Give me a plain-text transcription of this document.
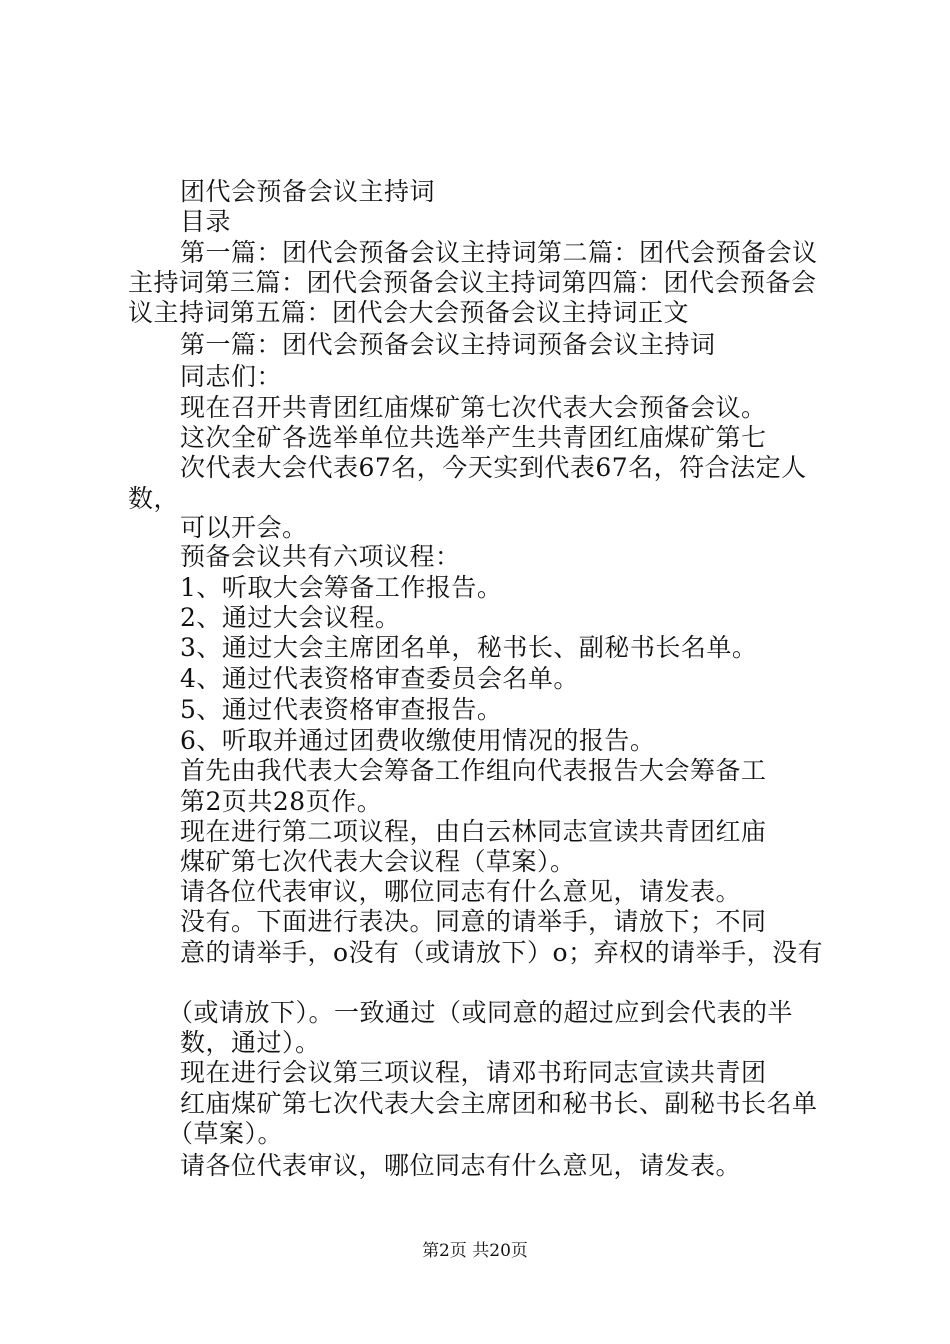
团代会预备会议主持词
目录
第一篇：团代会预备会议主持词第二篇：团代会预备会议
主持词第三篇：团代会预备会议主持词第四篇：团代会预备会
议主持词第五篇：团代会大会预备会议主持词正文
第一篇：团代会预备会议主持词预备会议主持词
同志们：
现在召开共青团红庙煤矿第七次代表大会预备会议。
这次全矿各选举单位共选举产生共青团红庙煤矿第七
次代表大会代表67名，今天实到代表67名，符合法定人
数，
可以开会。
预备会议共有六项议程：
1、听取大会筹备工作报告。
2、通过大会议程。
3、通过大会主席团名单，秘书长、副秘书长名单。
4、通过代表资格审查委员会名单。
5、通过代表资格审查报告。
6、听取并通过团费收缴使用情况的报告。
首先由我代表大会筹备工作组向代表报告大会筹备工
第2页共28页作。
现在进行第二项议程，由白云林同志宣读共青团红庙
煤矿第七次代表大会议程（草案）。
请各位代表审议，哪位同志有什么意见，请发表。
没有。下面进行表决。同意的请举手，请放下；不同
意的请举手，o没有（或请放下）o；弃权的请举手，没有
（或请放下）。一致通过（或同意的超过应到会代表的半
数，通过）。
现在进行会议第三项议程，请邓书珩同志宣读共青团
红庙煤矿第七次代表大会主席团和秘书长、副秘书长名单
（草案）。
请各位代表审议，哪位同志有什么意见，请发表。
第2页 共20页
